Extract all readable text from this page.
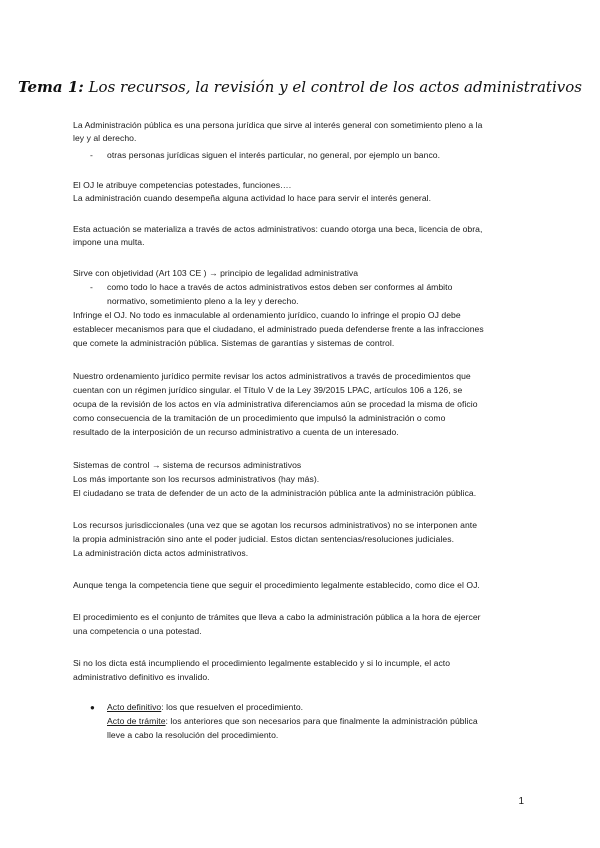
Tema 1: Los recursos, la revisión y el control de los actos administrativos
La Administración pública es una persona jurídica que sirve al interés general con sometimiento pleno a la
ley y al derecho.
- otras personas jurídicas siguen el interés particular, no general, por ejemplo un banco.
El OJ le atribuye competencias potestades, funciones….
La administración cuando desempeña alguna actividad lo hace para servir el interés general.
Esta actuación se materializa a través de actos administrativos: cuando otorga una beca, licencia de obra,
impone una multa.
Sirve con objetividad (Art 103 CE ) → principio de legalidad administrativa
- como todo lo hace a través de actos administrativos estos deben ser conformes al ámbito
normativo, sometimiento pleno a la ley y derecho.
Infringe el OJ. No todo es inmaculable al ordenamiento jurídico, cuando lo infringe el propio OJ debe
establecer mecanismos para que el ciudadano, el administrado pueda defenderse frente a las infracciones
que comete la administración pública. Sistemas de garantías y sistemas de control.
Nuestro ordenamiento jurídico permite revisar los actos administrativos a través de procedimientos que
cuentan con un régimen jurídico singular. el Título V de la Ley 39/2015 LPAC, artículos 106 a 126, se
ocupa de la revisión de los actos en vía administrativa diferenciamos aún se procedad la misma de oficio
como consecuencia de la tramitación de un procedimiento que impulsó la administración o como
resultado de la interposición de un recurso administrativo a cuenta de un interesado.
Sistemas de control → sistema de recursos administrativos
Los más importante son los recursos administrativos (hay más).
El ciudadano se trata de defender de un acto de la administración pública ante la administración pública.
Los recursos jurisdiccionales (una vez que se agotan los recursos administrativos) no se interponen ante
la propia administración sino ante el poder judicial. Estos dictan sentencias/resoluciones judiciales.
La administración dicta actos administrativos.
Aunque tenga la competencia tiene que seguir el procedimiento legalmente establecido, como dice el OJ.
El procedimiento es el conjunto de trámites que lleva a cabo la administración pública a la hora de ejercer
una competencia o una potestad.
Si no los dicta está incumpliendo el procedimiento legalmente establecido y si lo incumple, el acto
administrativo definitivo es invalido.
● Acto definitivo: los que resuelven el procedimiento.
Acto de trámite: los anteriores que son necesarios para que finalmente la administración pública
lleve a cabo la resolución del procedimiento.
1
